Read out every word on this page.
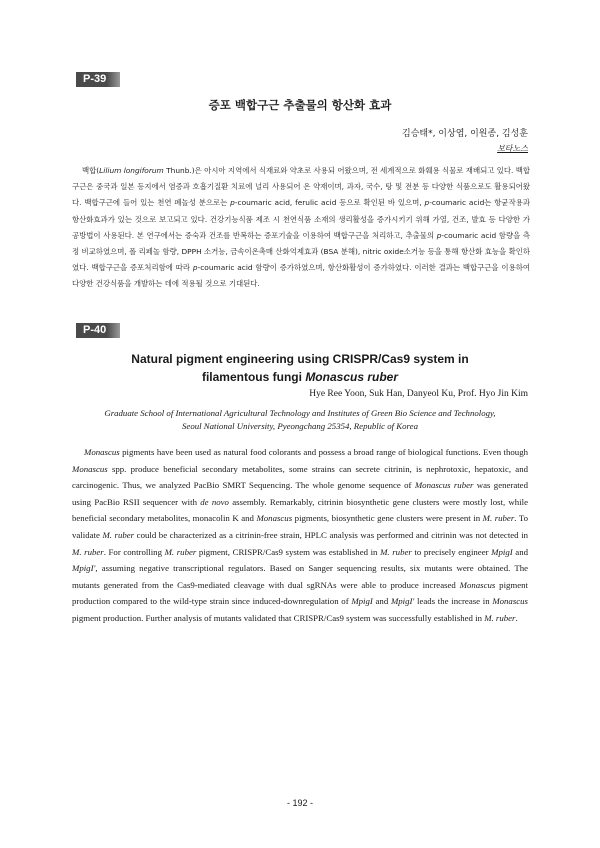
P-39
증포 백합구근 추출물의 항산화 효과
김승태*, 이상엽, 이원종, 김성훈
보타노스

백합(Lilium longiforum Thunb.)은 아시아 지역에서 식재료와 약초로 사용되 어왔으며, 전 세계적으로 화훼용 식물로 재배되고 있다. 백합구근은 중국과 일본 등지에서 염증과 호흡기질환 치료에 널리 사용되어 온 약재이며, 과자, 국수, 탕 및 전분 등 다양한 식품으로도 활용되어왔다. 백합구근에 들어 있는 천연 폐놀성 분으로는 p-coumaric acid, ferulic acid 등으로 확인된 바 있으며, p-coumaric acid는 항균작용과 항산화효과가 있는 것으로 보고되고 있다. 건강기능식품 제조 시 천연식품 소재의 생리활성을 증가시키기 위해 가열, 건조, 발효 등 다양한 가 공방법이 사용된다. 본 연구에서는 증숙과 건조를 반복하는 증포기술을 이용하여 백합구근을 처리하고, 추출물의 p-coumaric acid 함량을 측정 비교하였으며, 폴 리페놀 함량, DPPH 소거능, 금속이온촉매 산화억제효과 (BSA 분해), nitric oxide소거능 등을 통해 항산화 효능을 확인하였다. 백합구근을 증포처리함에 따라 p-coumaric acid 함량이 증가하였으며, 항산화활성이 증가하였다. 이러한 결과는 백합구근을 이용하여 다양한 건강식품을 개발하는 데에 적용될 것으로 기대된다.

P-40
Natural pigment engineering using CRISPR/Cas9 system in
filamentous fungi Monascus ruber
Hye Ree Yoon, Suk Han, Danyeol Ku, Prof. Hyo Jin Kim
Graduate School of International Agricultural Technology and Institutes of Green Bio Science and Technology,
Seoul National University, Pyeongchang 25354, Republic of Korea

Monascus pigments have been used as natural food colorants and possess a broad range of biological functions. Even though Monascus spp. produce beneficial secondary metabolites, some strains can secrete citrinin, is nephrotoxic, hepatoxic, and carcinogenic. Thus, we analyzed PacBio SMRT Sequencing. The whole genome sequence of Monascus ruber was generated using PacBio RSII sequencer with de novo assembly. Remarkably, citrinin biosynthetic gene clusters were mostly lost, while beneficial secondary metabolites, monacolin K and Monascus pigments, biosynthetic gene clusters were present in M. ruber. To validate M. ruber could be characterized as a citrinin-free strain, HPLC analysis was performed and citrinin was not detected in M. ruber. For controlling M. ruber pigment, CRISPR/Cas9 system was established in M. ruber to precisely engineer MpigI and MpigI', assuming negative transcriptional regulators. Based on Sanger sequencing results, six mutants were obtained. The mutants generated from the Cas9-mediated cleavage with dual sgRNAs were able to produce increased Monascus pigment production compared to the wild-type strain since induced-downregulation of MpigI and MpigI' leads the increase in Monascus pigment production. Further analysis of mutants validated that CRISPR/Cas9 system was successfully established in M. ruber.

- 192 -
